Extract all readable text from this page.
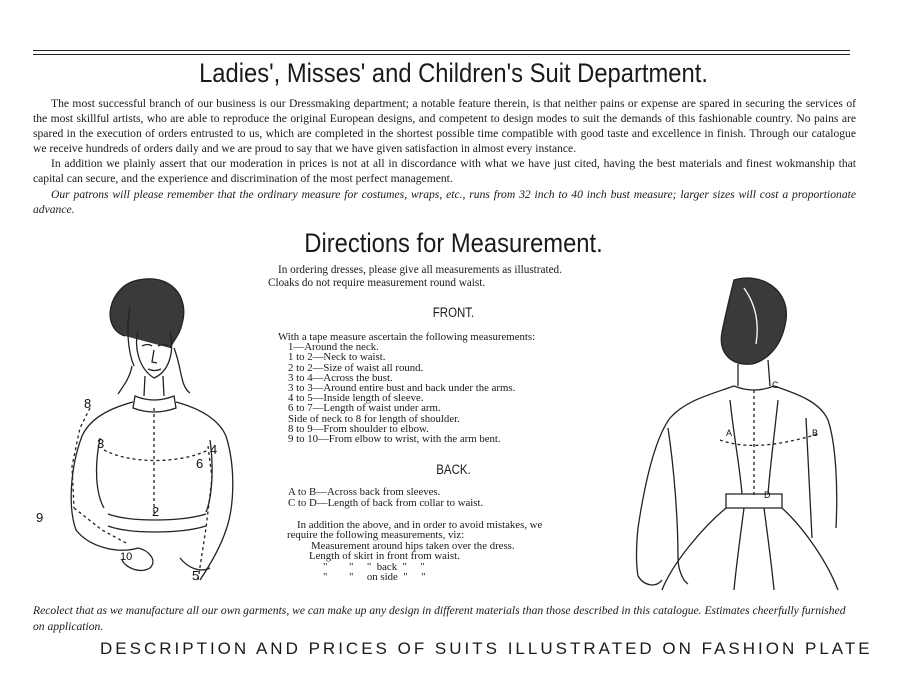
Ladies', Misses' and Children's Suit Department.

The most successful branch of our business is our Dressmaking department; a notable feature therein, is that neither pains or expense are spared in securing the services of the most skillful artists, who are able to reproduce the original European designs, and competent to design modes to suit the demands of this fashionable country. No pains are spared in the execution of orders entrusted to us, which are completed in the shortest possible time compatible with good taste and excellence in finish. Through our catalogue we receive hundreds of orders daily and we are proud to say that we have given satisfaction in almost every instance.

In addition we plainly assert that our moderation in prices is not at all in discordance with what we have just cited, having the best materials and finest wokmanship that capital can secure, and the experience and discrimination of the most perfect management.

Our patrons will please remember that the ordinary measure for costumes, wraps, etc., runs from 32 inch to 40 inch bust measure; larger sizes will cost a proportionate advance.

Directions for Measurement.
In ordering dresses, please give all measurements as illustrated.
Cloaks do not require measurement round waist.
FRONT.
With a tape measure ascertain the following measurements:
1—Around the neck.
1 to 2—Neck to waist.
2 to 2—Size of waist all round.
3 to 4—Across the bust.
3 to 3—Around entire bust and back under the arms.
4 to 5—Inside length of sleeve.
6 to 7—Length of waist under arm.
Side of neck to 8 for length of shoulder.
8 to 9—From shoulder to elbow.
9 to 10—From elbow to wrist, with the arm bent.
BACK.
A to B—Across back from sleeves.
C to D—Length of back from collar to waist.
In addition the above, and in order to avoid mistakes, we
require the following measurements, viz:
Measurement around hips taken over the dress.
Length of skirt in front from waist.
"        "     "  back  "     "
"        "     on side  "     "
8
3	4
6
2
9
10
5
C
A	B
D
Recolect that as we manufacture all our own garments, we can make up any design in different materials than those described in this catalogue. Estimates cheerfully furnished on application.
DESCRIPTION AND PRICES OF SUITS ILLUSTRATED ON FASHION PLATE
